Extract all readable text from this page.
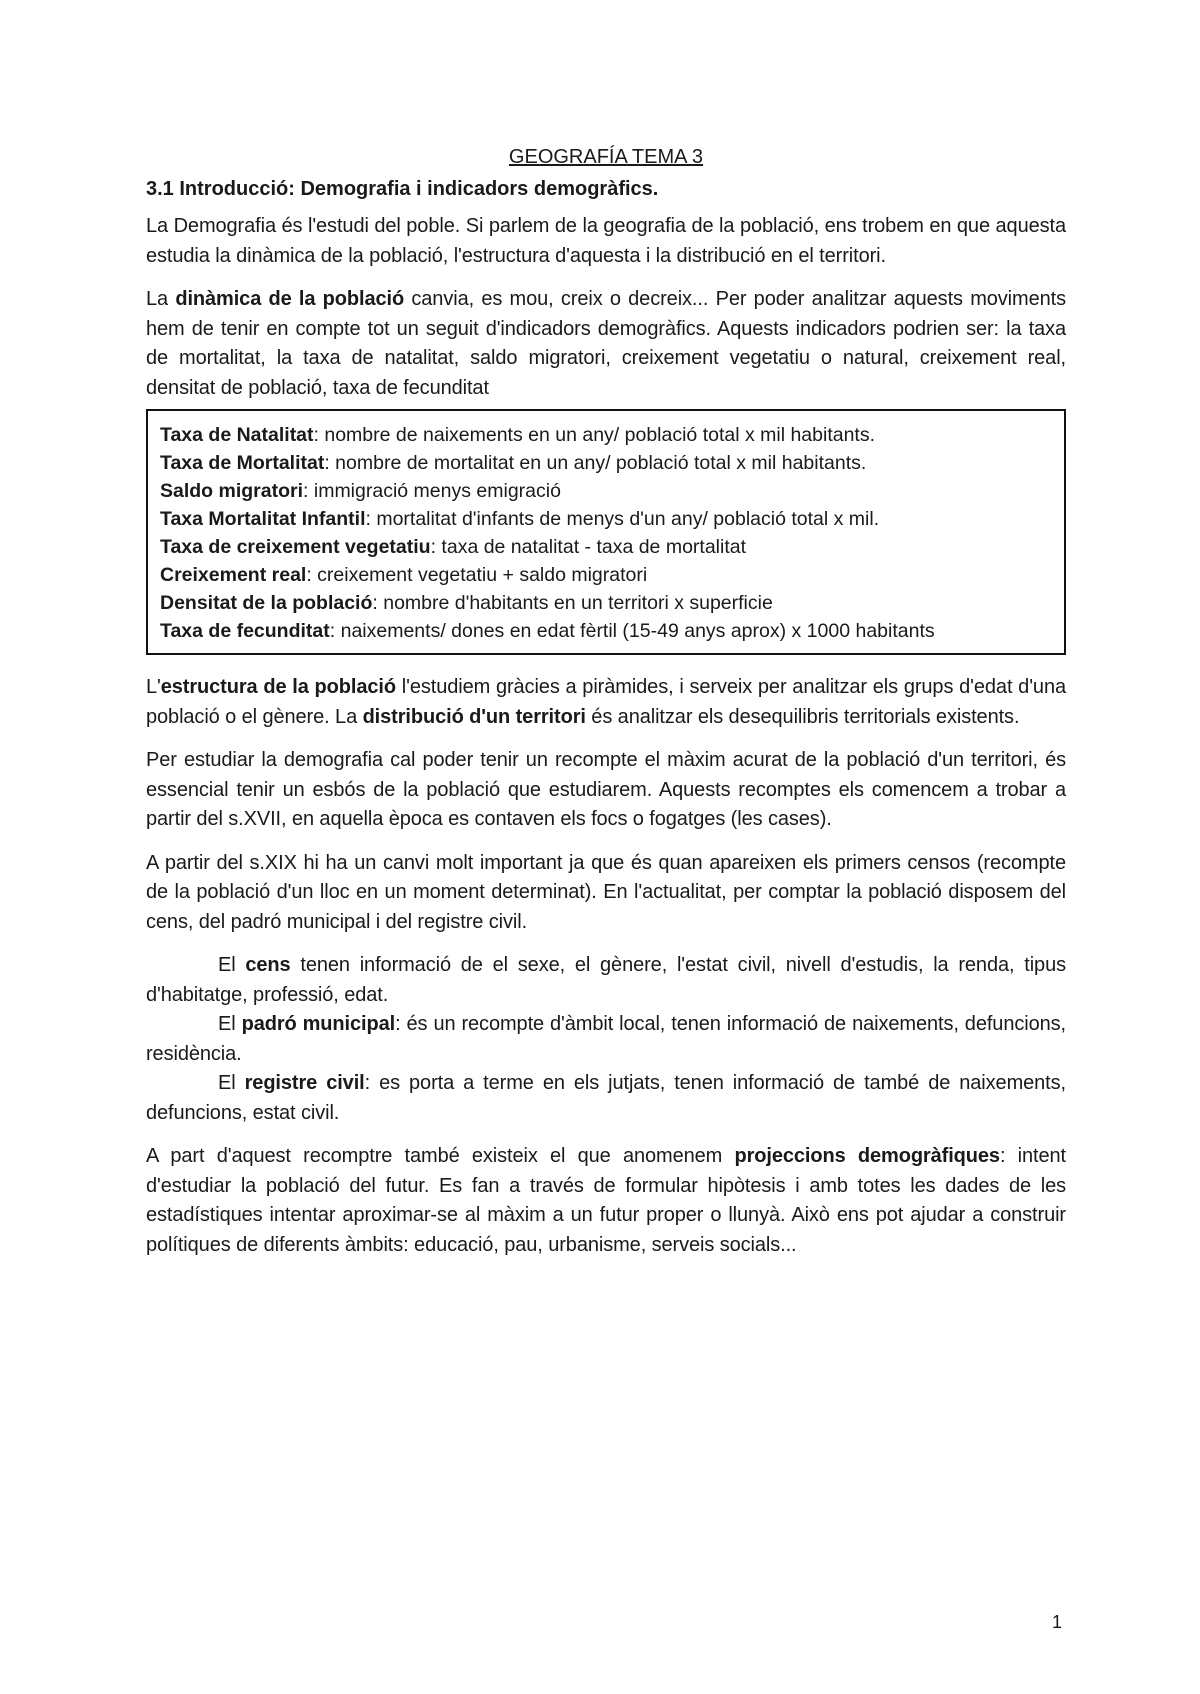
GEOGRAFÍA TEMA 3
3.1 Introducció: Demografia i indicadors demogràfics.

La Demografia és l'estudi del poble. Si parlem de la geografia de la població, ens trobem en que aquesta estudia la dinàmica de la població, l'estructura d'aquesta i la distribució en el territori.

La dinàmica de la població canvia, es mou, creix o decreix... Per poder analitzar aquests moviments hem de tenir en compte tot un seguit d'indicadors demogràfics. Aquests indicadors podrien ser: la taxa de mortalitat, la taxa de natalitat, saldo migratori, creixement vegetatiu o natural, creixement real, densitat de població, taxa de fecunditat

Taxa de Natalitat: nombre de naixements en un any/ població total x mil habitants.
Taxa de Mortalitat: nombre de mortalitat en un any/ població total x mil habitants.
Saldo migratori: immigració menys emigració
Taxa Mortalitat Infantil: mortalitat d'infants de menys d'un any/ població total x mil.
Taxa de creixement vegetatiu: taxa de natalitat - taxa de mortalitat
Creixement real: creixement vegetatiu + saldo migratori
Densitat de la població: nombre d'habitants en un territori x superficie
Taxa de fecunditat: naixements/ dones en edat fèrtil (15-49 anys aprox) x 1000 habitants

L'estructura de la població l'estudiem gràcies a piràmides, i serveix per analitzar els grups d'edat d'una població o el gènere. La distribució d'un territori és analitzar els desequilibris territorials existents.

Per estudiar la demografia cal poder tenir un recompte el màxim acurat de la població d'un territori, és essencial tenir un esbós de la població que estudiarem. Aquests recomptes els comencem a trobar a partir del s.XVII, en aquella època es contaven els focs o fogatges (les cases).

A partir del s.XIX hi ha un canvi molt important ja que és quan apareixen els primers censos (recompte de la població d'un lloc en un moment determinat). En l'actualitat, per comptar la població disposem del cens, del padró municipal i del registre civil.

El cens tenen informació de el sexe, el gènere, l'estat civil, nivell d'estudis, la renda, tipus d'habitatge, professió, edat.

El padró municipal: és un recompte d'àmbit local, tenen informació de naixements, defuncions, residència.

El registre civil: es porta a terme en els jutjats, tenen informació de també de naixements, defuncions, estat civil.

A part d'aquest recomptre també existeix el que anomenem projeccions demogràfiques: intent d'estudiar la població del futur. Es fan a través de formular hipòtesis i amb totes les dades de les estadístiques intentar aproximar-se al màxim a un futur proper o llunyà. Això ens pot ajudar a construir polítiques de diferents àmbits: educació, pau, urbanisme, serveis socials...

1
